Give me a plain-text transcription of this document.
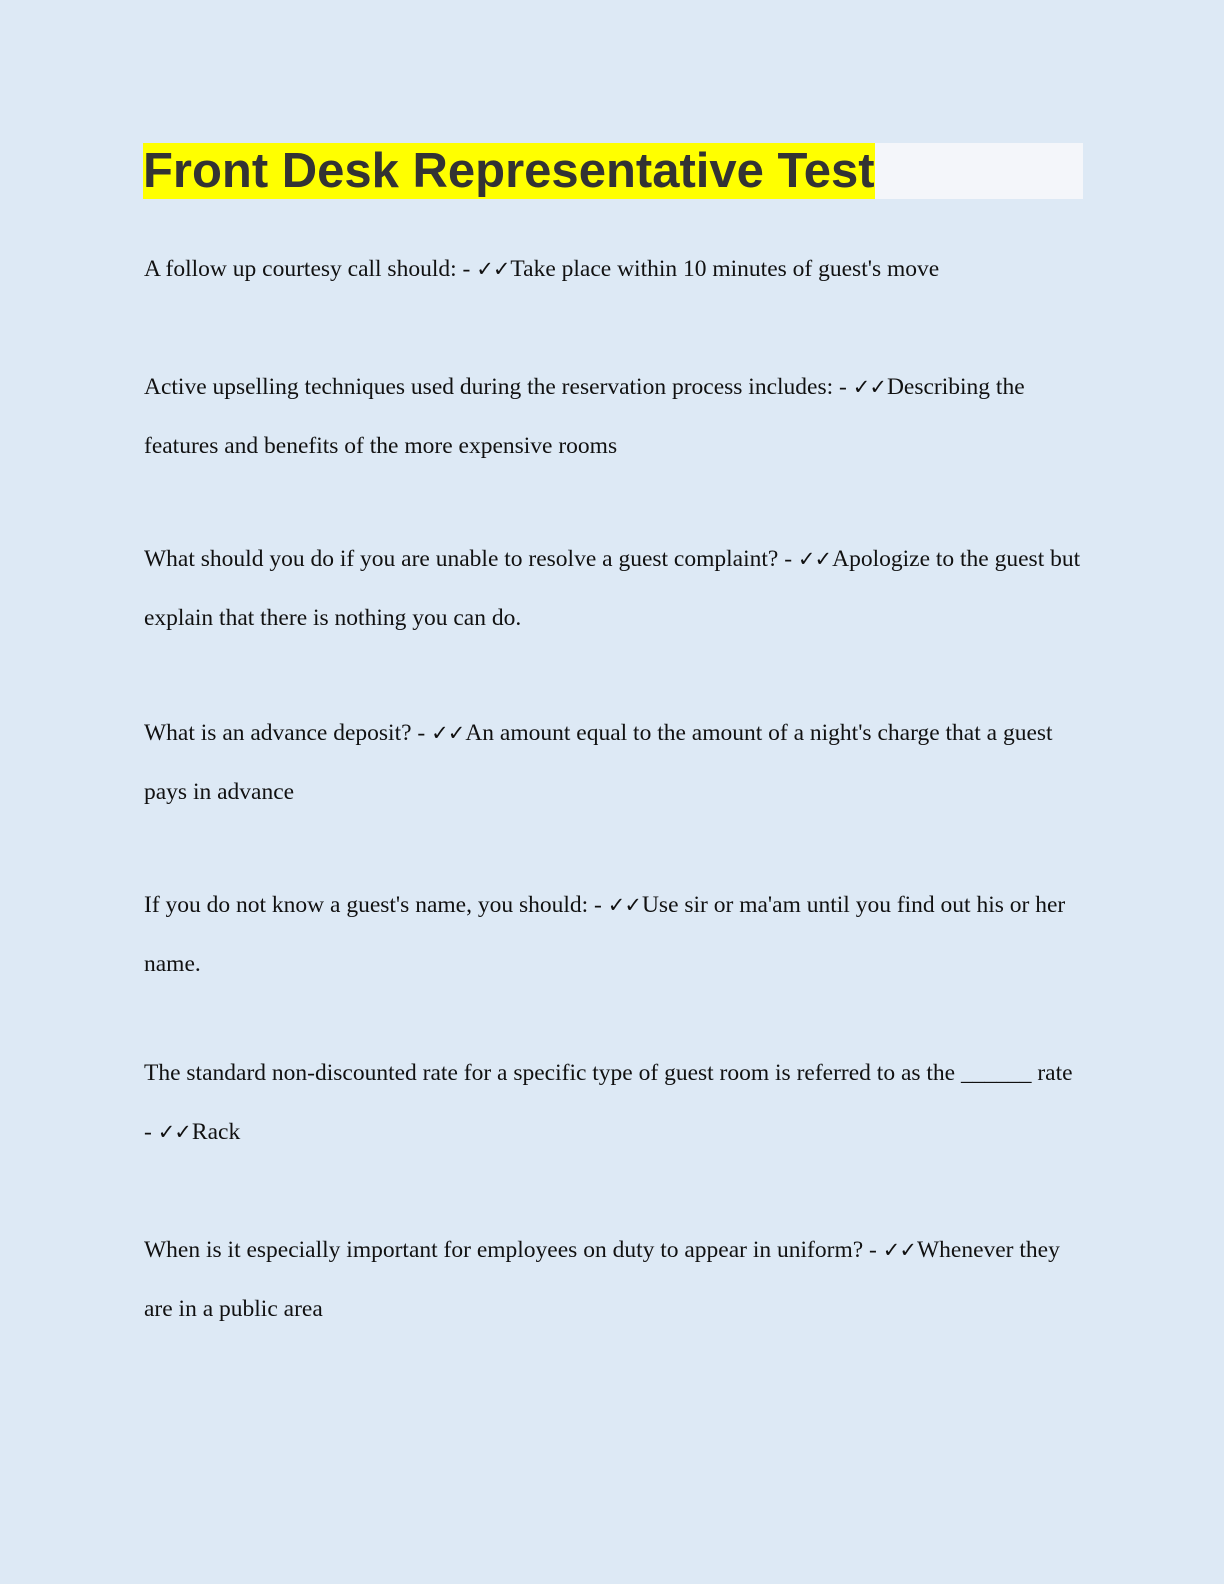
Front Desk Representative Test

A follow up courtesy call should: - ✓✓Take place within 10 minutes of guest's move

Active upselling techniques used during the reservation process includes: - ✓✓Describing the features and benefits of the more expensive rooms

What should you do if you are unable to resolve a guest complaint? - ✓✓Apologize to the guest but explain that there is nothing you can do.

What is an advance deposit? - ✓✓An amount equal to the amount of a night's charge that a guest pays in advance

If you do not know a guest's name, you should: - ✓✓Use sir or ma'am until you find out his or her name.

The standard non-discounted rate for a specific type of guest room is referred to as the ______ rate - ✓✓Rack

When is it especially important for employees on duty to appear in uniform? - ✓✓Whenever they are in a public area
